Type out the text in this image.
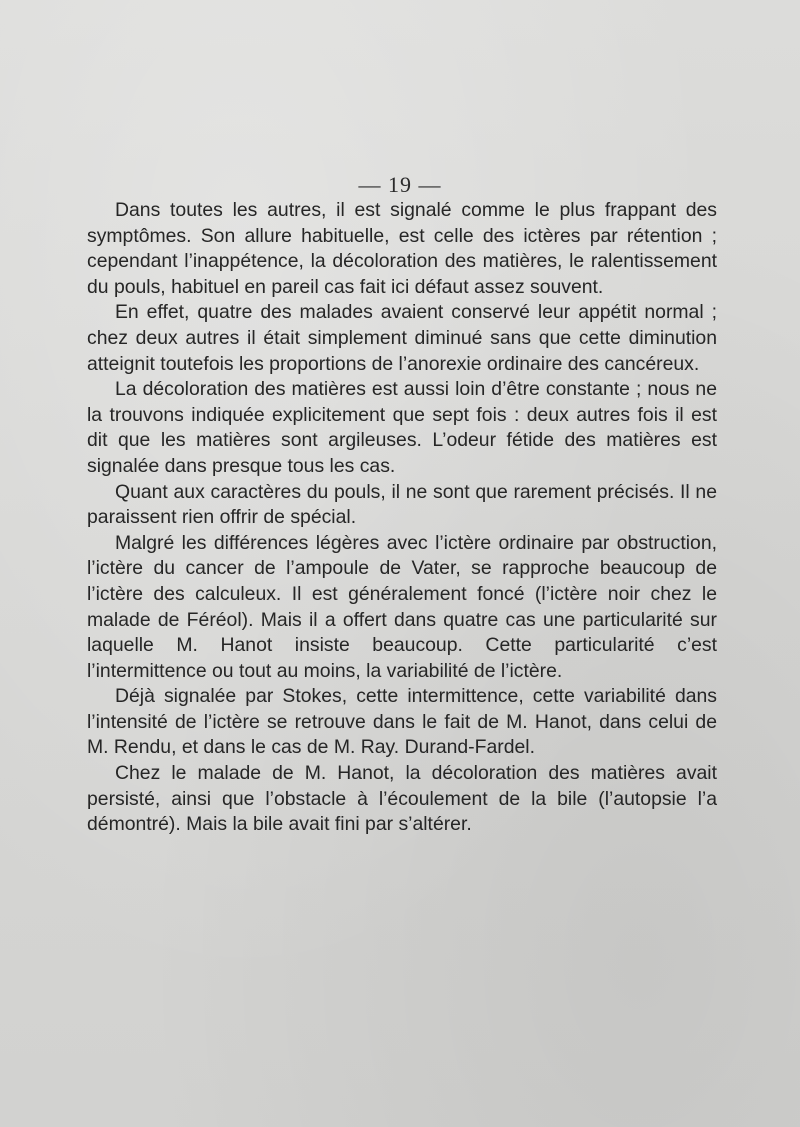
— 19 —

Dans toutes les autres, il est signalé comme le plus frappant des symptômes. Son allure habituelle, est celle des ictères par rétention ; cependant l’inappétence, la décoloration des matières, le ralentissement du pouls, habituel en pareil cas fait ici défaut assez souvent.

En effet, quatre des malades avaient conservé leur appétit normal ; chez deux autres il était simplement diminué sans que cette diminution atteignit toutefois les proportions de l’anorexie ordinaire des cancéreux.

La décoloration des matières est aussi loin d’être constante ; nous ne la trouvons indiquée explicitement que sept fois : deux autres fois il est dit que les matières sont argileuses. L’odeur fétide des matières est signalée dans presque tous les cas.

Quant aux caractères du pouls, il ne sont que rarement précisés. Il ne paraissent rien offrir de spécial.

Malgré les différences légères avec l’ictère ordinaire par obstruction, l’ictère du cancer de l’ampoule de Vater, se rapproche beaucoup de l’ictère des calculeux. Il est généralement foncé (l’ictère noir chez le malade de Féréol). Mais il a offert dans quatre cas une particularité sur laquelle M. Hanot insiste beaucoup. Cette particularité c’est l’intermittence ou tout au moins, la variabilité de l’ictère.

Déjà signalée par Stokes, cette intermittence, cette variabilité dans l’intensité de l’ictère se retrouve dans le fait de M. Hanot, dans celui de M. Rendu, et dans le cas de M. Ray. Durand-Fardel.

Chez le malade de M. Hanot, la décoloration des matières avait persisté, ainsi que l’obstacle à l’écoulement de la bile (l’autopsie l’a démontré). Mais la bile avait fini par s’altérer.
